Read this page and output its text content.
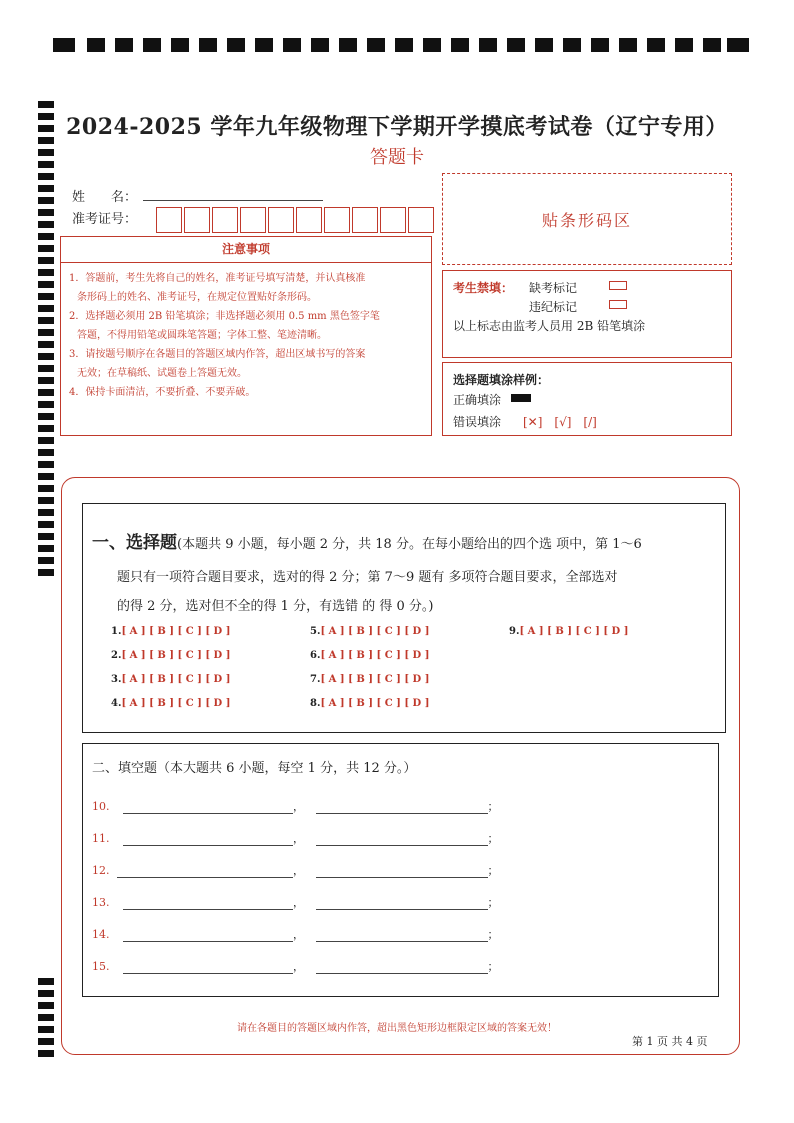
2024-2025 学年九年级物理下学期开学摸底考试卷（辽宁专用）
答题卡
姓　　名：
准考证号：	贴条形码区
注意事项
1．答题前，考生先将自己的姓名，准考证号填写清楚，并认真核准
条形码上的姓名、准考证号，在规定位置贴好条形码。
2．选择题必须用 2B 铅笔填涂；非选择题必须用 0.5 mm 黑色签字笔
答题，不得用铅笔或圆珠笔答题；字体工整、笔迹清晰。
3．请按题号顺序在各题目的答题区域内作答，超出区域书写的答案
无效；在草稿纸、试题卷上答题无效。
4．保持卡面清洁，不要折叠、不要弄破。
考生禁填： 缺考标记
违纪标记
以上标志由监考人员用 2B 铅笔填涂
选择题填涂样例：
正确填涂
错误填涂 [✕]　[√]　[/]
一、选择题(本题共 9 小题，每小题 2 分，共 18 分。在每小题给出的四个选 项中，第 1～6
题只有一项符合题目要求，选对的得 2 分；第 7～9 题有 多项符合题目要求，全部选对
的得 2 分，选对但不全的得 1 分，有选错 的 得 0 分。)
1.[ A ] [ B ] [ C ] [ D ]
2.[ A ] [ B ] [ C ] [ D ]
3.[ A ] [ B ] [ C ] [ D ]
4.[ A ] [ B ] [ C ] [ D ]
5.[ A ] [ B ] [ C ] [ D ]
6.[ A ] [ B ] [ C ] [ D ]
7.[ A ] [ B ] [ C ] [ D ]
8.[ A ] [ B ] [ C ] [ D ]
9.[ A ] [ B ] [ C ] [ D ]
二、填空题（本大题共 6 小题，每空 1 分，共 12 分。）
10.	，	；
11.	，	；
12.	，	；
13.	，	；
14.	，	；
15.	，	；
请在各题目的答题区域内作答，超出黑色矩形边框限定区域的答案无效！
第 1 页 共 4 页
